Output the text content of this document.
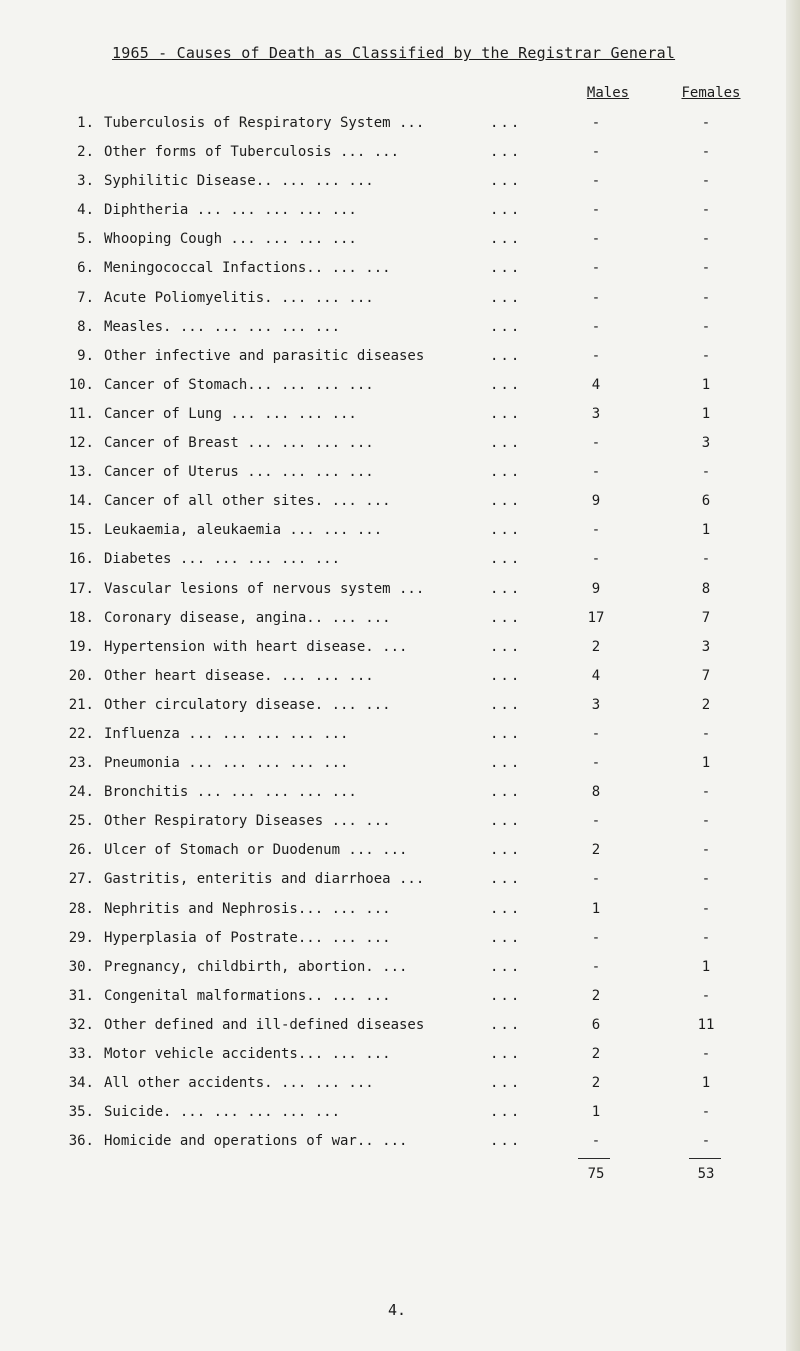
1965 - Causes of Death as Classified by the Registrar General
Males	Females
1. Tuberculosis of Respiratory System ...	...	-	-
2. Other forms of Tuberculosis ... ...	...	-	-
3. Syphilitic Disease.. ... ... ...	...	-	-
4. Diphtheria ... ... ... ... ...	...	-	-
5. Whooping Cough ... ... ... ...	...	-	-
6. Meningococcal Infactions.. ... ...	...	-	-
7. Acute Poliomyelitis. ... ... ...	...	-	-
8. Measles. ... ... ... ... ...	...	-	-
9. Other infective and parasitic diseases	...	-	-
10. Cancer of Stomach... ... ... ...	...	4	1
11. Cancer of Lung ... ... ... ...	...	3	1
12. Cancer of Breast ... ... ... ...	...	-	3
13. Cancer of Uterus ... ... ... ...	...	-	-
14. Cancer of all other sites. ... ...	...	9	6
15. Leukaemia, aleukaemia ... ... ...	...	-	1
16. Diabetes ... ... ... ... ...	...	-	-
17. Vascular lesions of nervous system ...	...	9	8
18. Coronary disease, angina.. ... ...	...	17	7
19. Hypertension with heart disease. ...	...	2	3
20. Other heart disease. ... ... ...	...	4	7
21. Other circulatory disease. ... ...	...	3	2
22. Influenza ... ... ... ... ...	...	-	-
23. Pneumonia ... ... ... ... ...	...	-	1
24. Bronchitis ... ... ... ... ...	...	8	-
25. Other Respiratory Diseases ... ...	...	-	-
26. Ulcer of Stomach or Duodenum ... ...	...	2	-
27. Gastritis, enteritis and diarrhoea ...	...	-	-
28. Nephritis and Nephrosis... ... ...	...	1	-
29. Hyperplasia of Postrate... ... ...	...	-	-
30. Pregnancy, childbirth, abortion. ...	...	-	1
31. Congenital malformations.. ... ...	...	2	-
32. Other defined and ill-defined diseases	...	6	11
33. Motor vehicle accidents... ... ...	...	2	-
34. All other accidents. ... ... ...	...	2	1
35. Suicide. ... ... ... ... ...	...	1	-
36. Homicide and operations of war.. ...	...	-	-
75	53
4.
